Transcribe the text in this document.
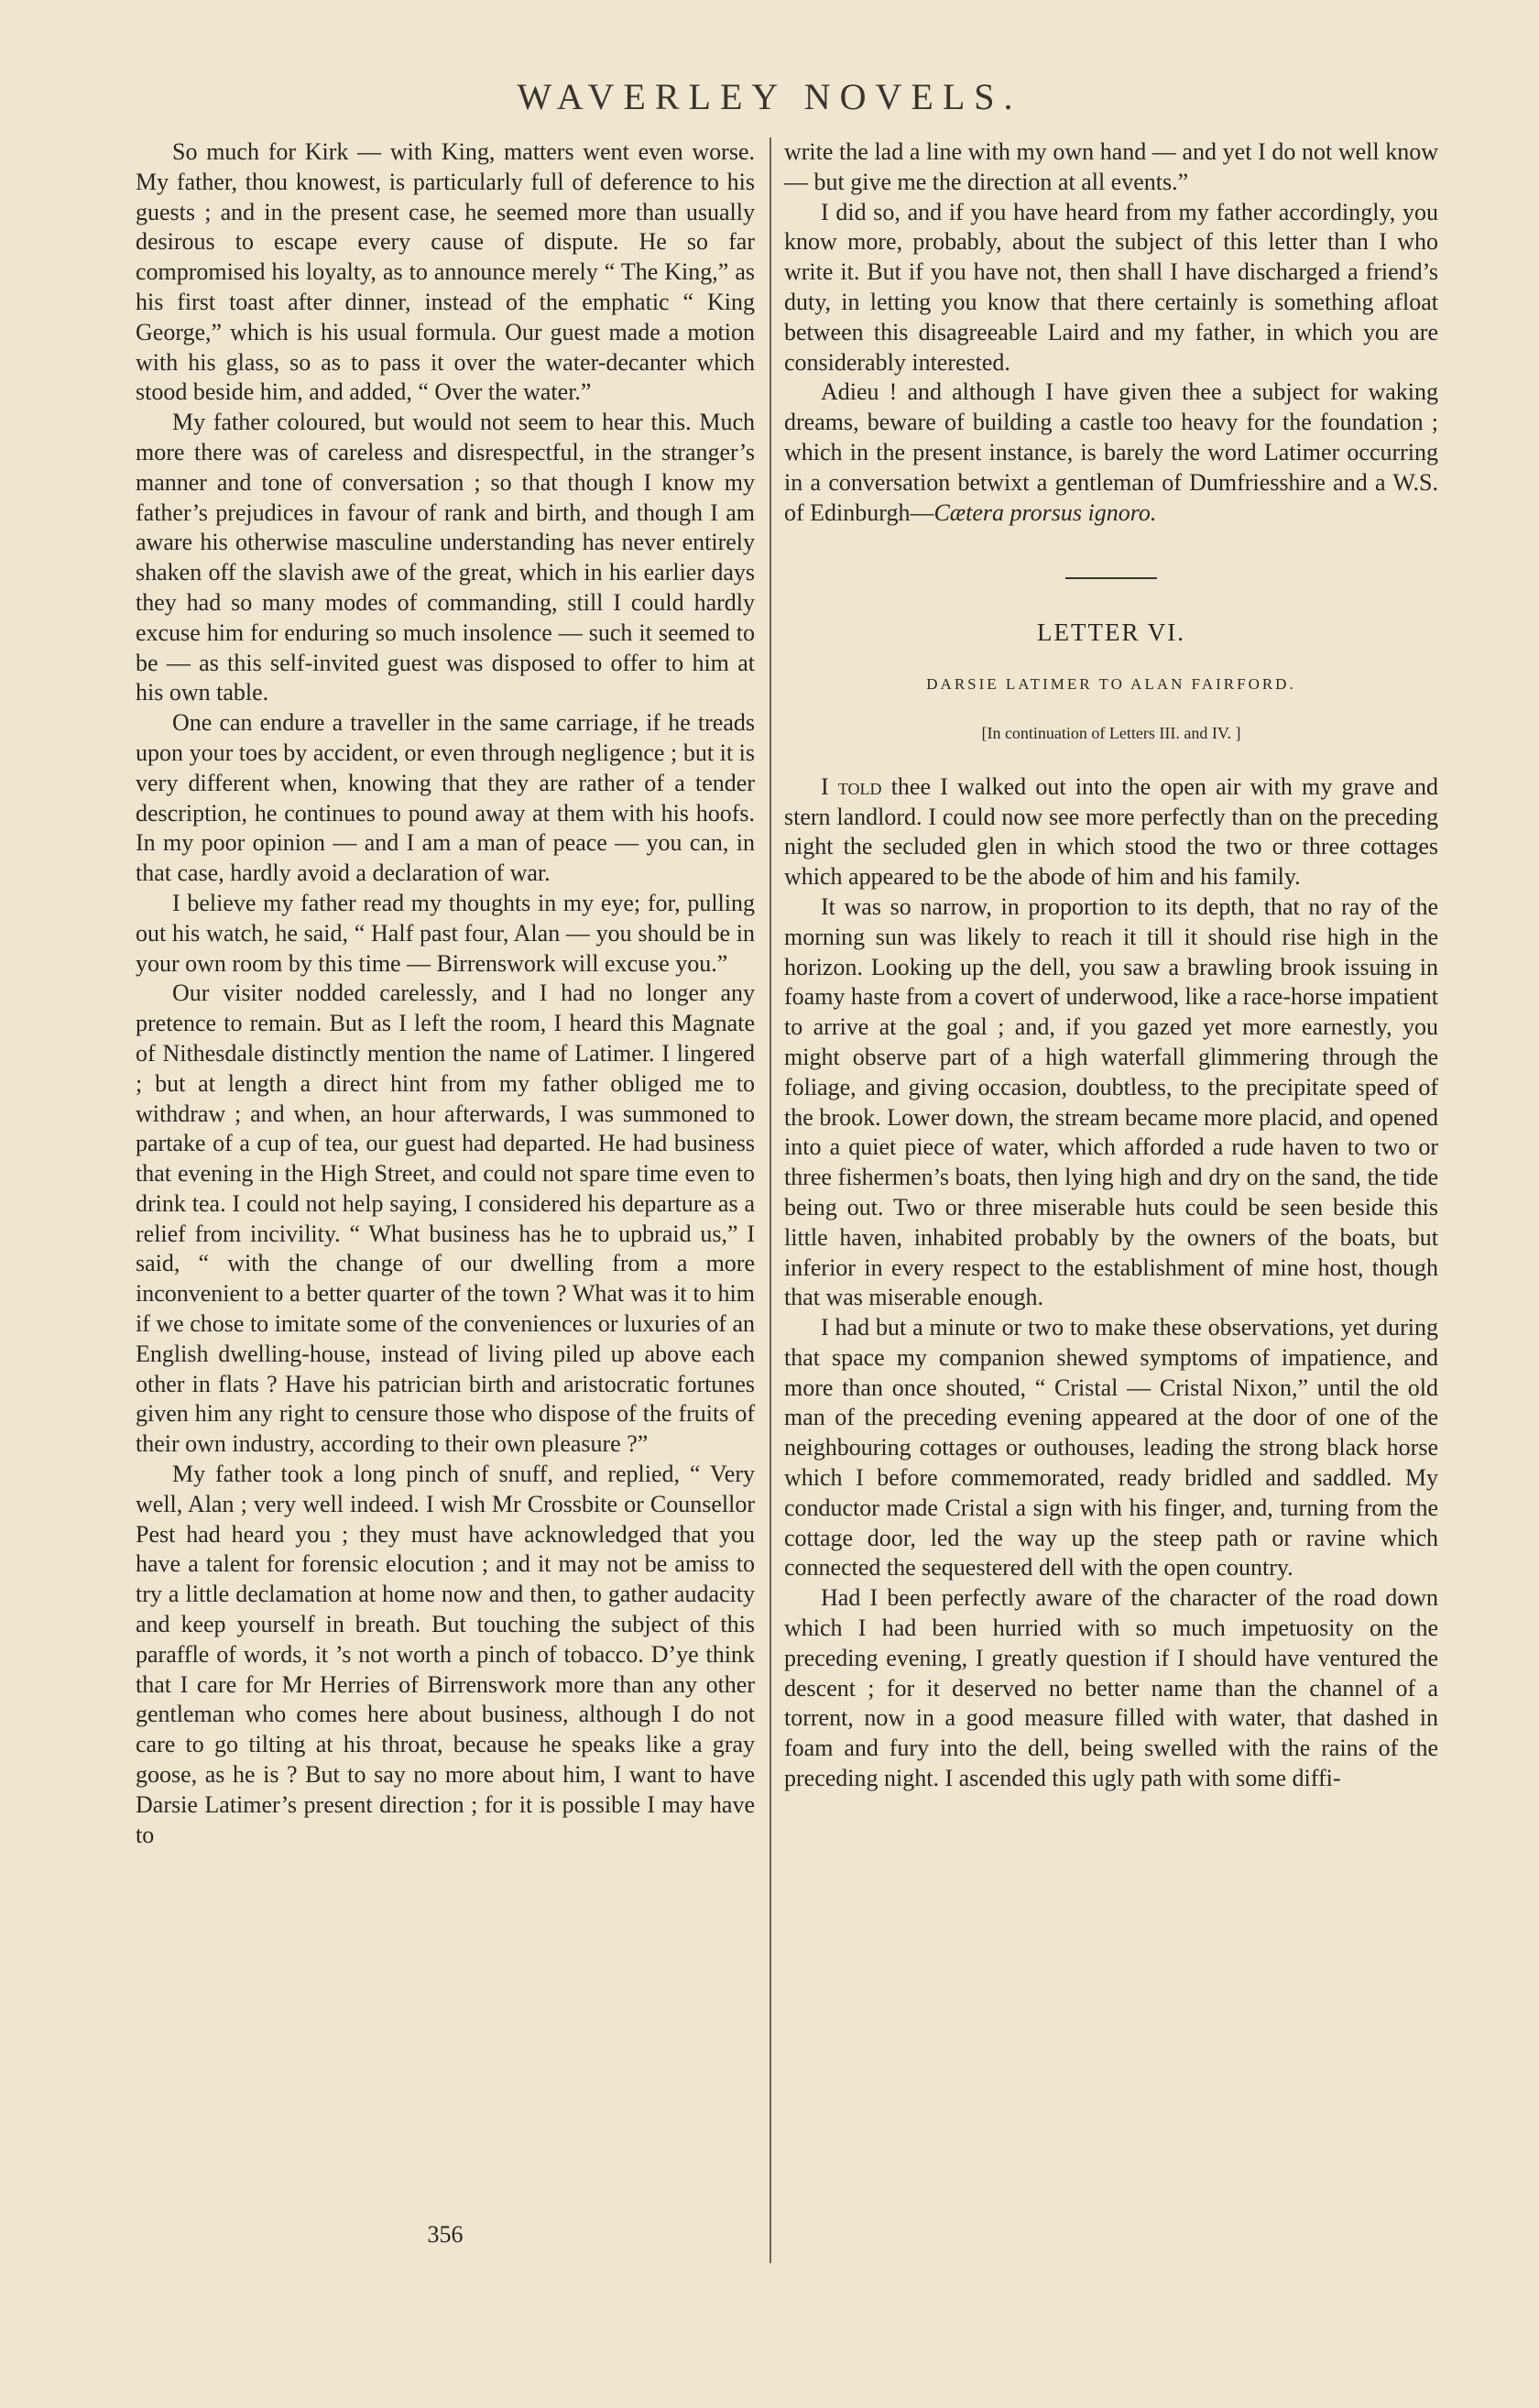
WAVERLEY NOVELS.

So much for Kirk — with King, matters went even worse. My father, thou knowest, is particularly full of deference to his guests ; and in the present case, he seemed more than usually desirous to escape every cause of dispute. He so far compromised his loyalty, as to announce merely “ The King,” as his first toast after dinner, instead of the emphatic “ King George,” which is his usual formula. Our guest made a motion with his glass, so as to pass it over the water-decanter which stood beside him, and added, “ Over the water.”

My father coloured, but would not seem to hear this. Much more there was of careless and disrespectful, in the stranger’s manner and tone of conversation ; so that though I know my father’s prejudices in favour of rank and birth, and though I am aware his otherwise masculine understanding has never entirely shaken off the slavish awe of the great, which in his earlier days they had so many modes of commanding, still I could hardly excuse him for enduring so much insolence — such it seemed to be — as this self-invited guest was disposed to offer to him at his own table.

One can endure a traveller in the same carriage, if he treads upon your toes by accident, or even through negligence ; but it is very different when, knowing that they are rather of a tender description, he continues to pound away at them with his hoofs. In my poor opinion — and I am a man of peace — you can, in that case, hardly avoid a declaration of war.

I believe my father read my thoughts in my eye; for, pulling out his watch, he said, “ Half past four, Alan — you should be in your own room by this time — Birrenswork will excuse you.”

Our visiter nodded carelessly, and I had no longer any pretence to remain. But as I left the room, I heard this Magnate of Nithesdale distinctly mention the name of Latimer. I lingered ; but at length a direct hint from my father obliged me to withdraw ; and when, an hour afterwards, I was summoned to partake of a cup of tea, our guest had departed. He had business that evening in the High Street, and could not spare time even to drink tea. I could not help saying, I considered his departure as a relief from incivility. “ What business has he to upbraid us,” I said, “ with the change of our dwelling from a more inconvenient to a better quarter of the town ? What was it to him if we chose to imitate some of the conveniences or luxuries of an English dwelling-house, instead of living piled up above each other in flats ? Have his patrician birth and aristocratic fortunes given him any right to censure those who dispose of the fruits of their own industry, according to their own pleasure ?”

My father took a long pinch of snuff, and replied, “ Very well, Alan ; very well indeed. I wish Mr Crossbite or Counsellor Pest had heard you ; they must have acknowledged that you have a talent for forensic elocution ; and it may not be amiss to try a little declamation at home now and then, to gather audacity and keep yourself in breath. But touching the subject of this paraffle of words, it ’s not worth a pinch of tobacco. D’ye think that I care for Mr Herries of Birrenswork more than any other gentleman who comes here about business, although I do not care to go tilting at his throat, because he speaks like a gray goose, as he is ? But to say no more about him, I want to have Darsie Latimer’s present direction ; for it is possible I may have to

356

write the lad a line with my own hand — and yet I do not well know — but give me the direction at all events.”

I did so, and if you have heard from my father accordingly, you know more, probably, about the subject of this letter than I who write it. But if you have not, then shall I have discharged a friend’s duty, in letting you know that there certainly is something afloat between this disagreeable Laird and my father, in which you are considerably interested.

Adieu ! and although I have given thee a subject for waking dreams, beware of building a castle too heavy for the foundation ; which in the present instance, is barely the word Latimer occurring in a conversation betwixt a gentleman of Dumfriesshire and a W.S. of Edinburgh—Cætera prorsus ignoro.

LETTER VI.
DARSIE LATIMER TO ALAN FAIRFORD.
[In continuation of Letters III. and IV. ]

I told thee I walked out into the open air with my grave and stern landlord. I could now see more perfectly than on the preceding night the secluded glen in which stood the two or three cottages which appeared to be the abode of him and his family.

It was so narrow, in proportion to its depth, that no ray of the morning sun was likely to reach it till it should rise high in the horizon. Looking up the dell, you saw a brawling brook issuing in foamy haste from a covert of underwood, like a race-horse impatient to arrive at the goal ; and, if you gazed yet more earnestly, you might observe part of a high waterfall glimmering through the foliage, and giving occasion, doubtless, to the precipitate speed of the brook. Lower down, the stream became more placid, and opened into a quiet piece of water, which afforded a rude haven to two or three fishermen’s boats, then lying high and dry on the sand, the tide being out. Two or three miserable huts could be seen beside this little haven, inhabited probably by the owners of the boats, but inferior in every respect to the establishment of mine host, though that was miserable enough.

I had but a minute or two to make these observations, yet during that space my companion shewed symptoms of impatience, and more than once shouted, “ Cristal — Cristal Nixon,” until the old man of the preceding evening appeared at the door of one of the neighbouring cottages or outhouses, leading the strong black horse which I before commemorated, ready bridled and saddled. My conductor made Cristal a sign with his finger, and, turning from the cottage door, led the way up the steep path or ravine which connected the sequestered dell with the open country.

Had I been perfectly aware of the character of the road down which I had been hurried with so much impetuosity on the preceding evening, I greatly question if I should have ventured the descent ; for it deserved no better name than the channel of a torrent, now in a good measure filled with water, that dashed in foam and fury into the dell, being swelled with the rains of the preceding night. I ascended this ugly path with some diffi-
